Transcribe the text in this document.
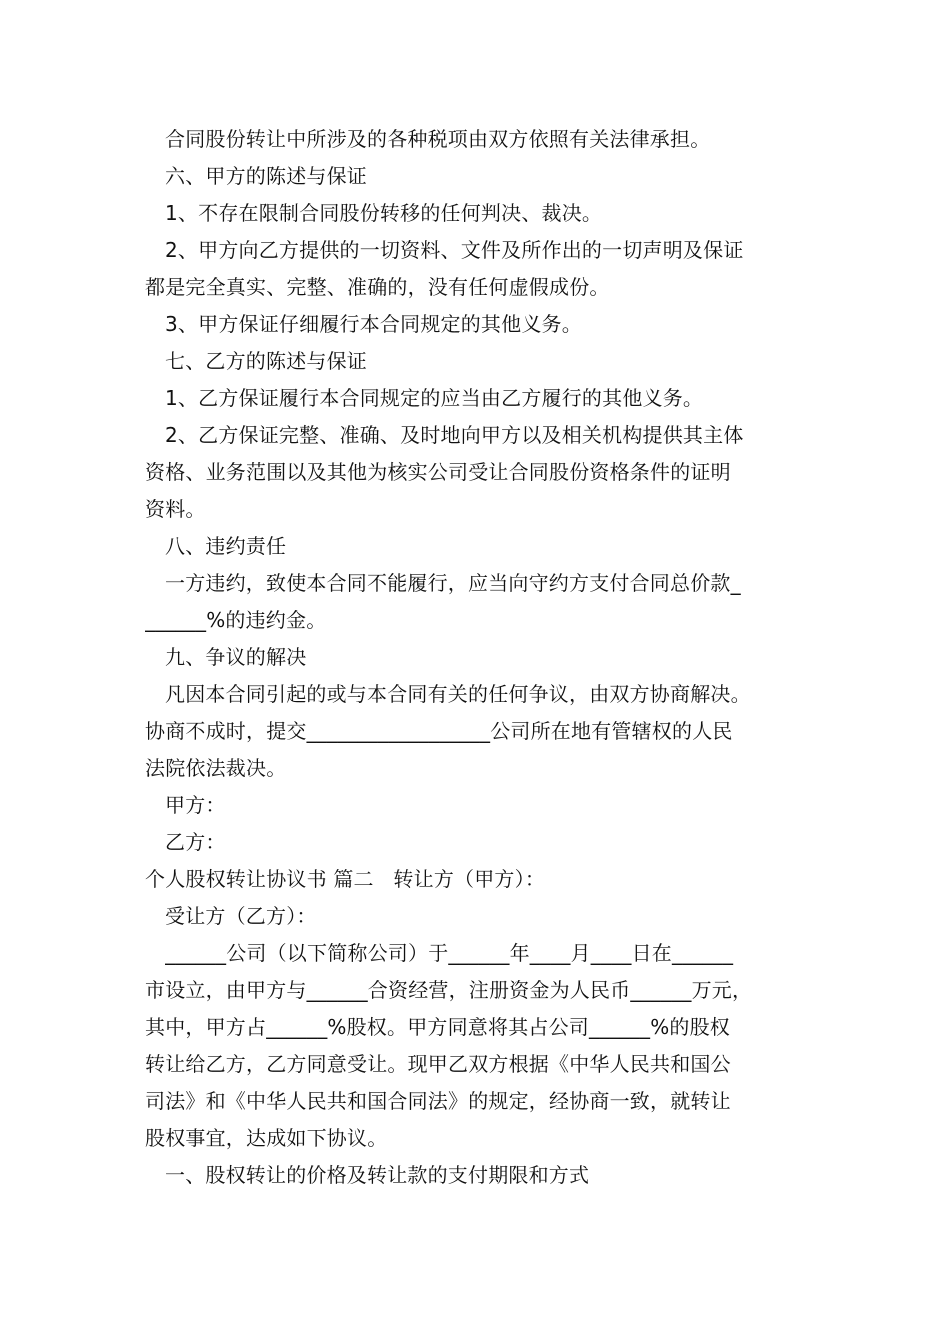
合同股份转让中所涉及的各种税项由双方依照有关法律承担。
六、甲方的陈述与保证
1、不存在限制合同股份转移的任何判决、裁决。
2、甲方向乙方提供的一切资料、文件及所作出的一切声明及保证
都是完全真实、完整、准确的，没有任何虚假成份。
3、甲方保证仔细履行本合同规定的其他义务。
七、乙方的陈述与保证
1、乙方保证履行本合同规定的应当由乙方履行的其他义务。
2、乙方保证完整、准确、及时地向甲方以及相关机构提供其主体
资格、业务范围以及其他为核实公司受让合同股份资格条件的证明
资料。
八、违约责任
一方违约，致使本合同不能履行，应当向守约方支付合同总价款_
______%的违约金。
九、争议的解决
凡因本合同引起的或与本合同有关的任何争议，由双方协商解决。
协商不成时，提交__________________公司所在地有管辖权的人民
法院依法裁决。
甲方：
乙方：
个人股权转让协议书 篇二   转让方（甲方）：
受让方（乙方）：
______公司（以下简称公司）于______年____月____日在______
市设立，由甲方与______合资经营，注册资金为人民币______万元，
其中，甲方占______%股权。甲方同意将其占公司______%的股权
转让给乙方，乙方同意受让。现甲乙双方根据《中华人民共和国公
司法》和《中华人民共和国合同法》的规定，经协商一致，就转让
股权事宜，达成如下协议。
一、股权转让的价格及转让款的支付期限和方式
